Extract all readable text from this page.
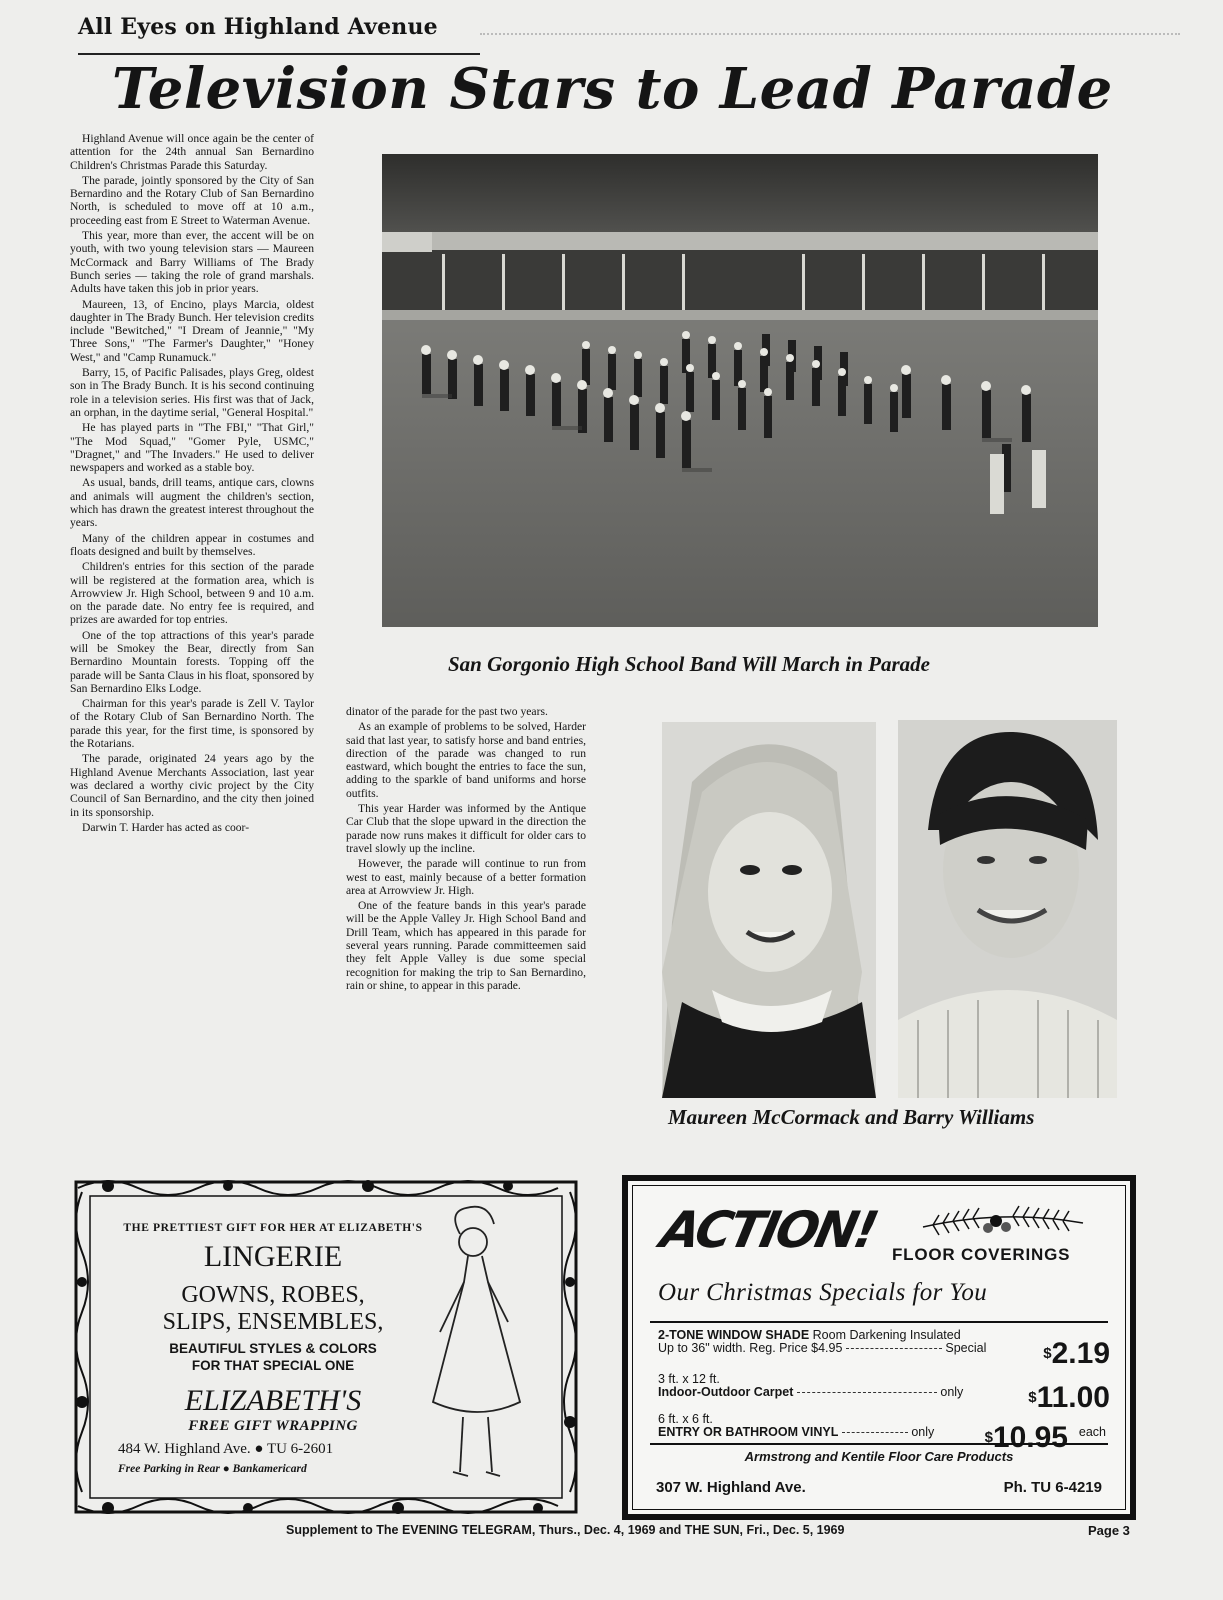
All Eyes on Highland Avenue
Television Stars to Lead Parade

Highland Avenue will once again be the center of attention for the 24th annual San Bernardino Children's Christmas Parade this Saturday.

The parade, jointly sponsored by the City of San Bernardino and the Rotary Club of San Bernardino North, is scheduled to move off at 10 a.m., proceeding east from E Street to Waterman Avenue.

This year, more than ever, the accent will be on youth, with two young television stars — Maureen McCormack and Barry Williams of The Brady Bunch series — taking the role of grand marshals. Adults have taken this job in prior years.

Maureen, 13, of Encino, plays Marcia, oldest daughter in The Brady Bunch. Her television credits include "Bewitched," "I Dream of Jeannie," "My Three Sons," "The Farmer's Daughter," "Honey West," and "Camp Runamuck."

Barry, 15, of Pacific Palisades, plays Greg, oldest son in The Brady Bunch. It is his second continuing role in a television series. His first was that of Jack, an orphan, in the daytime serial, "General Hospital."

He has played parts in "The FBI," "That Girl," "The Mod Squad," "Gomer Pyle, USMC," "Dragnet," and "The Invaders." He used to deliver newspapers and worked as a stable boy.

As usual, bands, drill teams, antique cars, clowns and animals will augment the children's section, which has drawn the greatest interest throughout the years.

Many of the children appear in costumes and floats designed and built by themselves.

Children's entries for this section of the parade will be registered at the formation area, which is Arrowview Jr. High School, between 9 and 10 a.m. on the parade date. No entry fee is required, and prizes are awarded for top entries.

One of the top attractions of this year's parade will be Smokey the Bear, directly from San Bernardino Mountain forests. Topping off the parade will be Santa Claus in his float, sponsored by San Bernardino Elks Lodge.

Chairman for this year's parade is Zell V. Taylor of the Rotary Club of San Bernardino North. The parade this year, for the first time, is sponsored by the Rotarians.

The parade, originated 24 years ago by the Highland Avenue Merchants Association, last year was declared a worthy civic project by the City Council of San Bernardino, and the city then joined in its sponsorship.

Darwin T. Harder has acted as coor-

San Gorgonio High School Band Will March in Parade

dinator of the parade for the past two years.

As an example of problems to be solved, Harder said that last year, to satisfy horse and band entries, direction of the parade was changed to run eastward, which bought the entries to face the sun, adding to the sparkle of band uniforms and horse outfits.

This year Harder was informed by the Antique Car Club that the slope upward in the direction the parade now runs makes it difficult for older cars to travel slowly up the incline.

However, the parade will continue to run from west to east, mainly because of a better formation area at Arrowview Jr. High.

One of the feature bands in this year's parade will be the Apple Valley Jr. High School Band and Drill Team, which has appeared in this parade for several years running. Parade committeemen said they felt Apple Valley is due some special recognition for making the trip to San Bernardino, rain or shine, to appear in this parade.

Maureen McCormack and Barry Williams
THE PRETTIEST GIFT FOR HER AT ELIZABETH'S
LINGERIE
GOWNS, ROBES,
SLIPS, ENSEMBLES,
BEAUTIFUL STYLES & COLORS
FOR THAT SPECIAL ONE
ELIZABETH'S
FREE GIFT WRAPPING
484 W. Highland Ave. ● TU 6-2601
Free Parking in Rear ● Bankamericard
ACTION! FLOOR COVERINGS
Our Christmas Specials for You
2-TONE WINDOW SHADE Room Darkening Insulated
Up to 36" width. Reg. Price $4.95	Special	$2.19
3 ft. x 12 ft.
Indoor-Outdoor Carpet	only	$11.00
6 ft. x 6 ft.
ENTRY OR BATHROOM VINYL	only	$10.95 each
Armstrong and Kentile Floor Care Products
307 W. Highland Ave.	Ph. TU 6-4219
Supplement to The EVENING TELEGRAM, Thurs., Dec. 4, 1969 and THE SUN, Fri., Dec. 5, 1969	Page 3
